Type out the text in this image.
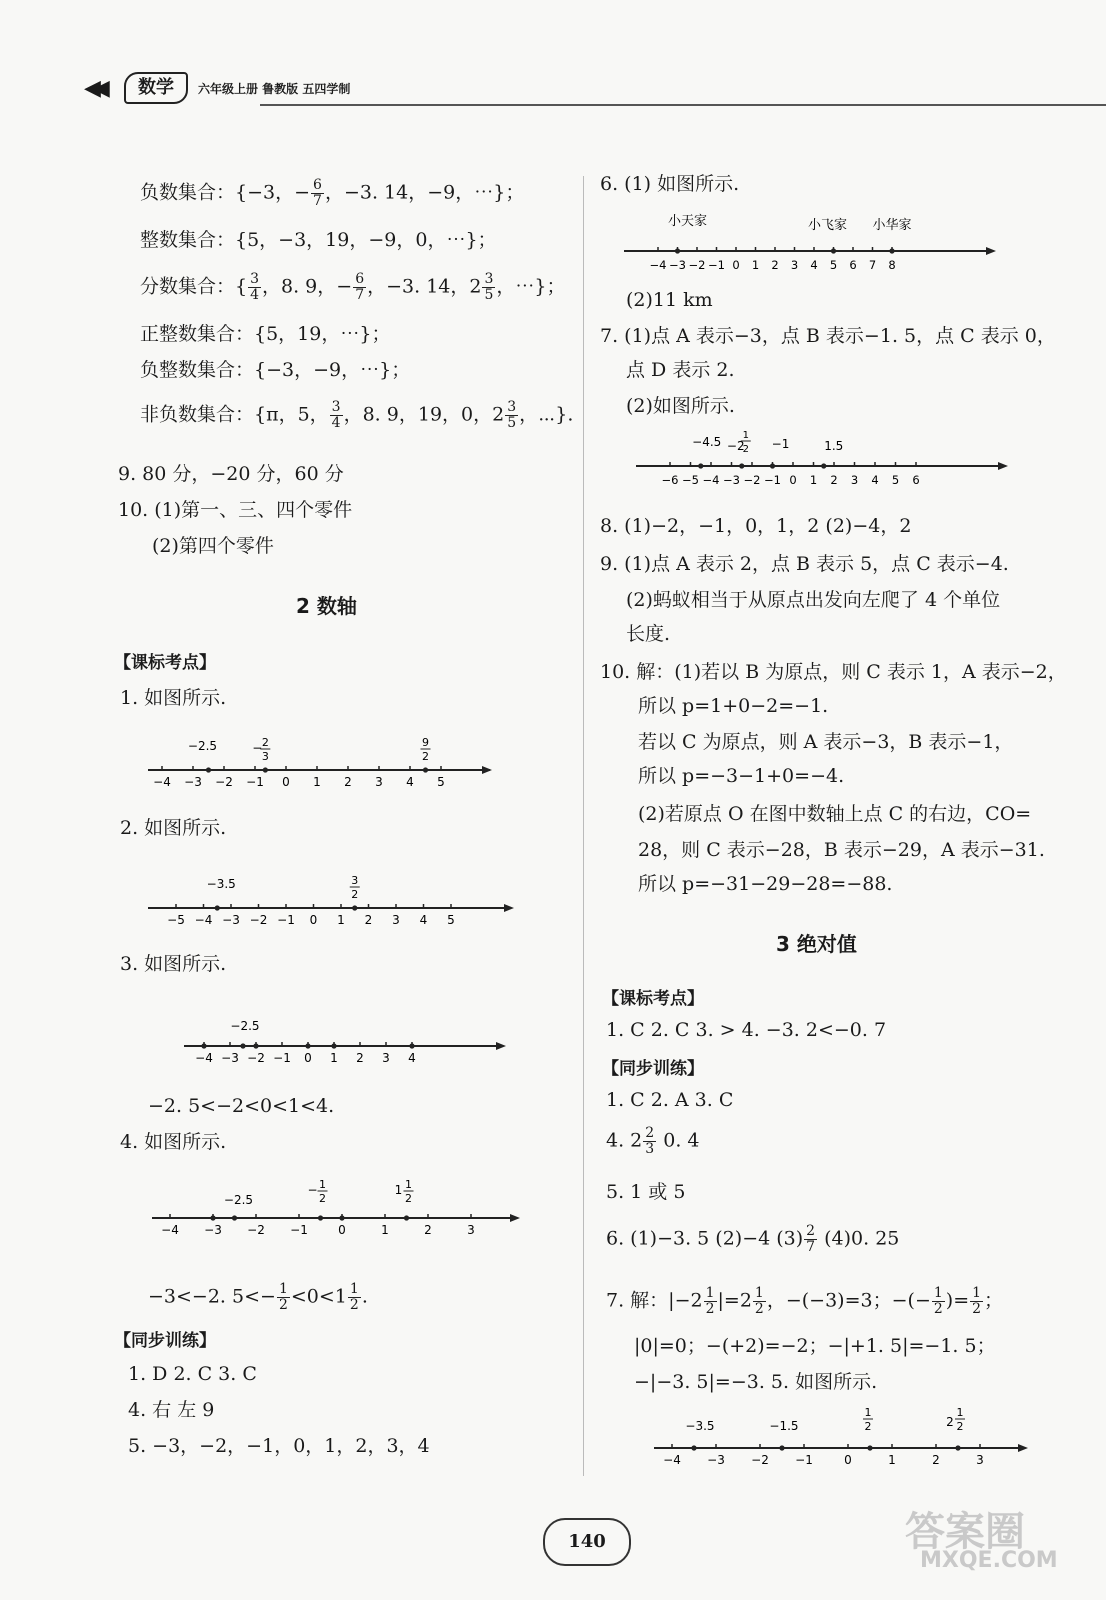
◀◀	数学	六年级上册 鲁教版 五四学制
负数集合：{−3，− $\frac{6}{7}$ ，−3. 14，−9，⋯}；
整数集合：{5，−3，19，−9，0，⋯}；
分数集合：{ $\frac{3}{4}$ ，8. 9，− $\frac{6}{7}$ ，−3. 14，$2 \frac{3}{5}$ ，⋯}；
正整数集合：{5，19，⋯}；
负整数集合：{−3，−9，⋯}；
非负数集合：{π，5， $\frac{3}{4}$ ，8. 9，19，0，$2 \frac{3}{5}$ ，⋯}.
9. 80 分，−20 分，60 分
10. (1)第一、三、四个零件
(2)第四个零件
2 数轴
【课标考点】
1. 如图所示.
−4 −3 −2 −1 0 1 2 3 4 5
−2.5	− 2
3
9
2
2. 如图所示.
−5 −4 −3 −2 −1 0 1 2 3 4 5
−3.5	3
2
3. 如图所示.
−4 −3 −2 −1 0 1 2 3 4
−2.5
−2. 5<−2<0<1<4.
4. 如图所示.
−4 −3 −2 −1	0	1	2	3
−2.5
− 1
2
1 1
2
−3<−2. $5<- \frac{1}{2} <0<1 \frac{1}{2}$ .
【同步训练】
1. D 2. C 3. C
4. 右 左 9
5. −3，−2，−1，0，1，2，3，4
6. (1) 如图所示.
−4 −3 −2 −1 0 1 2 3 4 5 6 7 8
小天家	小飞家 小华家
(2)11 km
7. (1)点 A 表示−3，点 B 表示−1. 5，点 C 表示 0，
点 D 表示 2.
(2)如图所示.
−6 −5 −4 −3 −2 −1 0 1 2 3 4 5 6
−4.5 −2
1
2 −1	1.5
8. (1)−2，−1，0，1，2 (2)−4，2
9. (1)点 A 表示 2，点 B 表示 5，点 C 表示−4.
(2)蚂蚁相当于从原点出发向左爬了 4 个单位
长度.
10. 解：(1)若以 B 为原点，则 C 表示 1，A 表示−2，
所以 p=1+0−2=−1.
若以 C 为原点，则 A 表示−3，B 表示−1，
所以 p=−3−1+0=−4.
(2)若原点 O 在图中数轴上点 C 的右边，CO=
28，则 C 表示−28，B 表示−29，A 表示−31.
所以 p=−31−29−28=−88.
3 绝对值
【课标考点】
1. C 2. C 3. > 4. −3. 2<−0. 7
【同步训练】
1. C 2. A 3. C
4. $2 \frac{2}{3} 0$. 4
5. 1 或 5
6. (1)−3. 5 (2)−4 $(3) \frac{2}{7} (4)0$. 25
7. 解：$|-2 \frac{1}{2} |=2 \frac{1}{2}$ ，−(−3)=3；−(− $\frac{1}{2}$ )= $\frac{1}{2}$ ；
|0|=0；−(+2)=−2；−|+1. 5|=−1. 5；
−|−3. 5|=−3. 5. 如图所示.
−4 −3 −2 −1	0	1	2	3
−3.5	−1.5
1
2	2
1
2
140	答案圈
MXQE.COM
